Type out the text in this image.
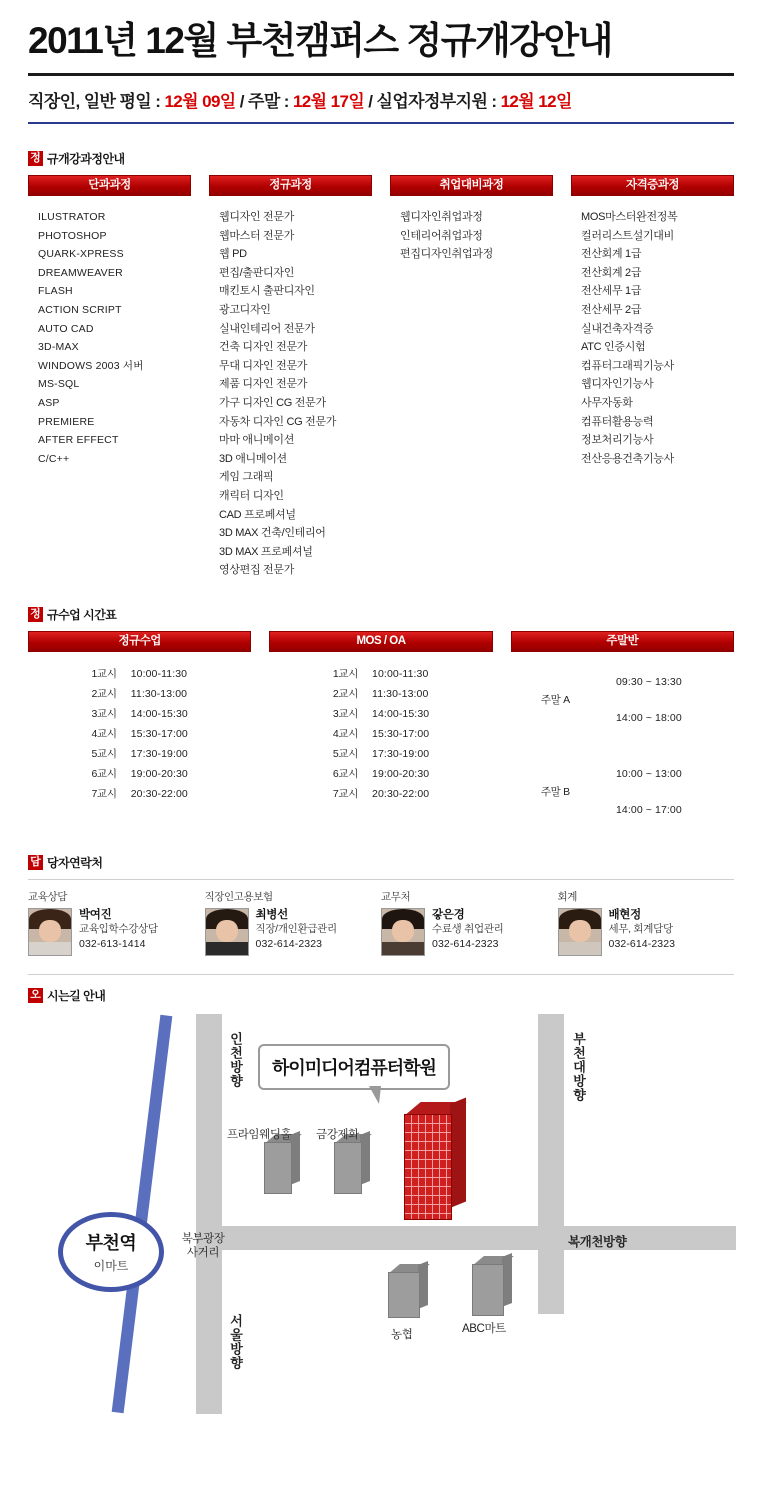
2011년 12월 부천캠퍼스 정규개강안내
직장인, 일반 평일 : 12월 09일 / 주말 : 12월 17일 / 실업자정부지원 : 12월 12일
정 규개강과정안내
단과과정
ILUSTRATOR
PHOTOSHOP
QUARK-XPRESS
DREAMWEAVER
FLASH
ACTION SCRIPT
AUTO CAD
3D-MAX
WINDOWS 2003 서버
MS-SQL
ASP
PREMIERE
AFTER EFFECT
C/C++
정규과정
웹디자인 전문가
웹마스터 전문가
웹 PD
편집/출판디자인
매킨토시 출판디자인
광고디자인
실내인테리어 전문가
건축 디자인 전문가
무대 디자인 전문가
제품 디자인 전문가
가구 디자인 CG 전문가
자동차 디자인 CG 전문가
마마 애니메이션
3D 애니메이션
게임 그래픽
캐릭터 디자인
CAD 프로페셔널
3D MAX 건축/인테리어
3D MAX 프로페셔널
영상편집 전문가
취업대비과정
웹디자인취업과정
인테리어취업과정
편집디자인취업과정
자격증과정
MOS마스터완전정복
컬러리스트설기대비
전산회계 1급
전산회계 2급
전산세무 1급
전산세무 2급
실내건축자격증
ATC 인증시험
컴퓨터그래픽기능사
웹디자인기능사
사무자동화
컴퓨터활용능력
정보처리기능사
전산응용건축기능사
정 규수업 시간표
정규수업
1교시	10:00-11:30
2교시	11:30-13:00
3교시	14:00-15:30
4교시	15:30-17:00
5교시	17:30-19:00
6교시	19:00-20:30
7교시	20:30-22:00
MOS / OA
1교시	10:00-11:30
2교시	11:30-13:00
3교시	14:00-15:30
4교시	15:30-17:00
5교시	17:30-19:00
6교시	19:00-20:30
7교시	20:30-22:00
주말반
주말 A	09:30 ~ 13:30
	14:00 ~ 18:00

주말 B	10:00 ~ 13:00
	14:00 ~ 17:00
담 당자연락처
교육상담
박여진
교육입학수강상담
032-613-1414
직장인고용보험
최병선
직장/개인환급관리
032-614-2323
교무처
갛은경
수료생 취업관리
032-614-2323
회계
배현정
세무, 회계담당
032-614-2323
오 시는길 안내
인천방향	부천대방향
서울방향
부천역
이마트
하이미디어컴퓨터학원
프라임웨딩홀 금강제화
북부광장
사거리
복개천방향
농협	ABC마트
